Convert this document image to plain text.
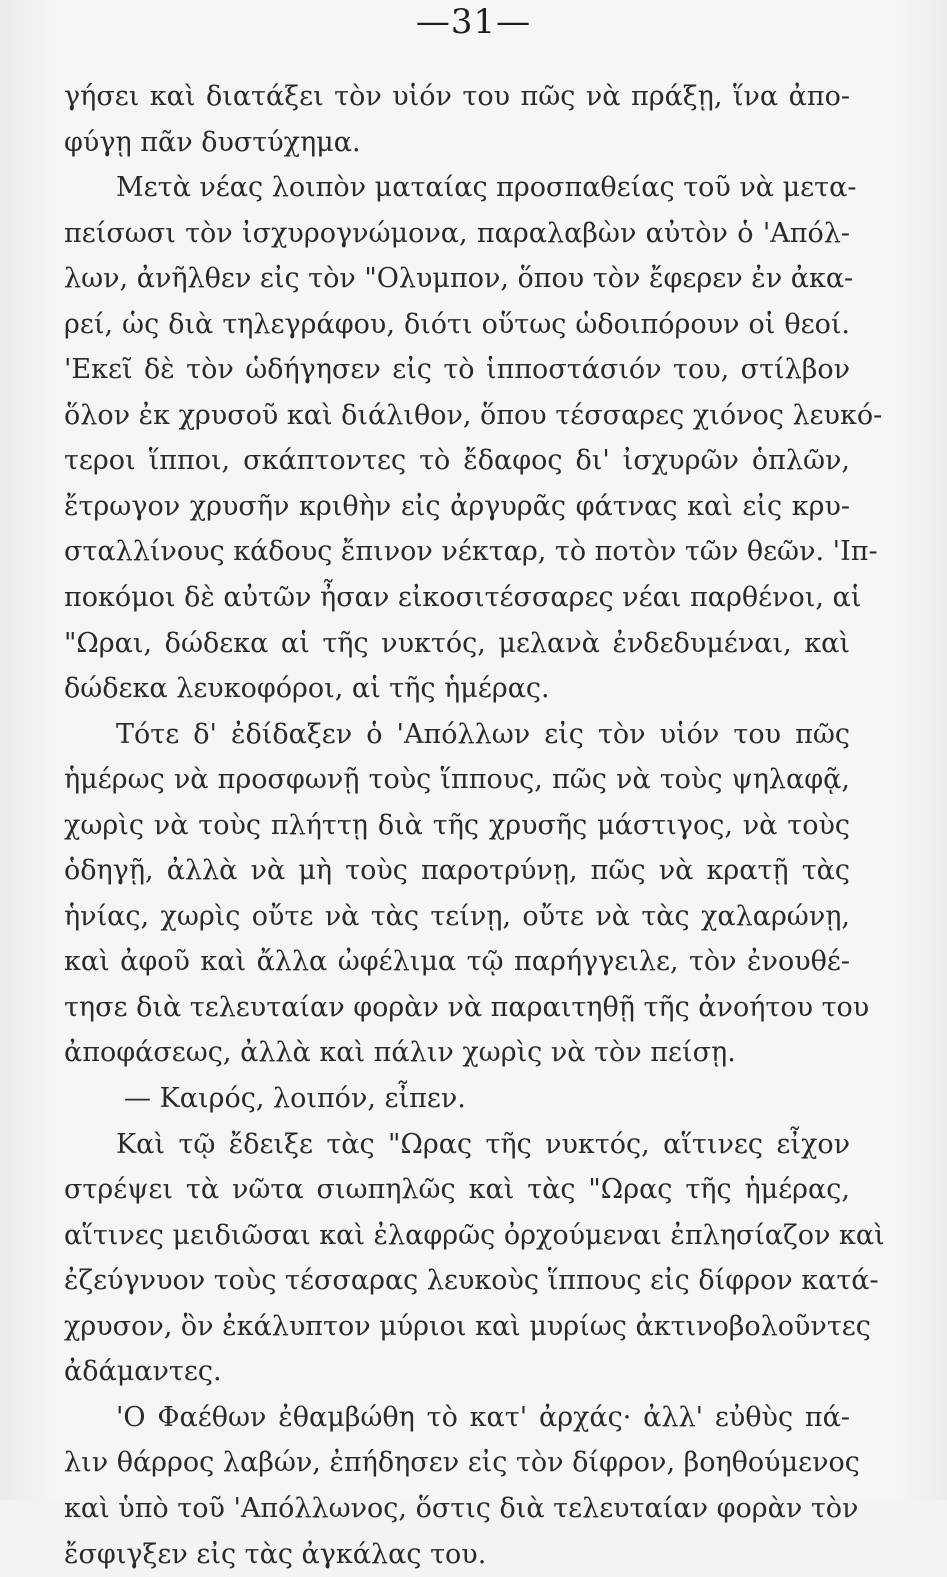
—31—
γήσει καὶ διατάξει τὸν υἱόν του πῶς νὰ πράξῃ, ἵνα ἀπο-
φύγῃ πᾶν δυστύχημα.
Μετὰ νέας λοιπὸν ματαίας προσπαθείας τοῦ νὰ μετα-
πείσωσι τὸν ἰσχυρογνώμονα, παραλαβὼν αὐτὸν ὁ 'Απόλ-
λων, ἀνῆλθεν εἰς τὸν "Ολυμπον, ὅπου τὸν ἔφερεν ἐν ἀκα-
ρεί, ὡς διὰ τηλεγράφου, διότι οὕτως ὡδοιπόρουν οἱ θεοί.
'Εκεῖ δὲ τὸν ὡδήγησεν εἰς τὸ ἱπποστάσιόν του, στίλβον
ὅλον ἐκ χρυσοῦ καὶ διάλιθον, ὅπου τέσσαρες χιόνος λευκό-
τεροι ἵπποι, σκάπτοντες τὸ ἔδαφος δι' ἰσχυρῶν ὁπλῶν,
ἔτρωγον χρυσῆν κριθὴν εἰς ἀργυρᾶς φάτνας καὶ εἰς κρυ-
σταλλίνους κάδους ἔπινον νέκταρ, τὸ ποτὸν τῶν θεῶν. 'Ιπ-
ποκόμοι δὲ αὐτῶν ἦσαν εἰκοσιτέσσαρες νέαι παρθένοι, αἱ
"Ωραι, δώδεκα αἱ τῆς νυκτός, μελανὰ ἐνδεδυμέναι, καὶ
δώδεκα λευκοφόροι, αἱ τῆς ἡμέρας.
Τότε δ' ἐδίδαξεν ὁ 'Απόλλων εἰς τὸν υἱόν του πῶς
ἡμέρως νὰ προσφωνῇ τοὺς ἵππους, πῶς νὰ τοὺς ψηλαφᾷ,
χωρὶς νὰ τοὺς πλήττῃ διὰ τῆς χρυσῆς μάστιγος, νὰ τοὺς
ὁδηγῇ, ἀλλὰ νὰ μὴ τοὺς παροτρύνῃ, πῶς νὰ κρατῇ τὰς
ἡνίας, χωρὶς οὔτε νὰ τὰς τείνῃ, οὔτε νὰ τὰς χαλαρώνῃ,
καὶ ἀφοῦ καὶ ἄλλα ὠφέλιμα τῷ παρήγγειλε, τὸν ἐνουθέ-
τησε διὰ τελευταίαν φορὰν νὰ παραιτηθῇ τῆς ἀνοήτου του
ἀποφάσεως, ἀλλὰ καὶ πάλιν χωρὶς νὰ τὸν πείσῃ.
— Καιρός, λοιπόν, εἶπεν.
Καὶ τῷ ἔδειξε τὰς "Ωρας τῆς νυκτός, αἵτινες εἶχον
στρέψει τὰ νῶτα σιωπηλῶς καὶ τὰς "Ωρας τῆς ἡμέρας,
αἵτινες μειδιῶσαι καὶ ἐλαφρῶς ὀρχούμεναι ἐπλησίαζον καὶ
ἐζεύγνυον τοὺς τέσσαρας λευκοὺς ἵππους εἰς δίφρον κατά-
χρυσον, ὃν ἐκάλυπτον μύριοι καὶ μυρίως ἀκτινοβολοῦντες
ἀδάμαντες.
'Ο Φαέθων ἐθαμβώθη τὸ κατ' ἀρχάς· ἀλλ' εὐθὺς πά-
λιν θάρρος λαβών, ἐπήδησεν εἰς τὸν δίφρον, βοηθούμενος
καὶ ὑπὸ τοῦ 'Απόλλωνος, ὅστις διὰ τελευταίαν φορὰν τὸν
ἔσφιγξεν εἰς τὰς ἀγκάλας του.
